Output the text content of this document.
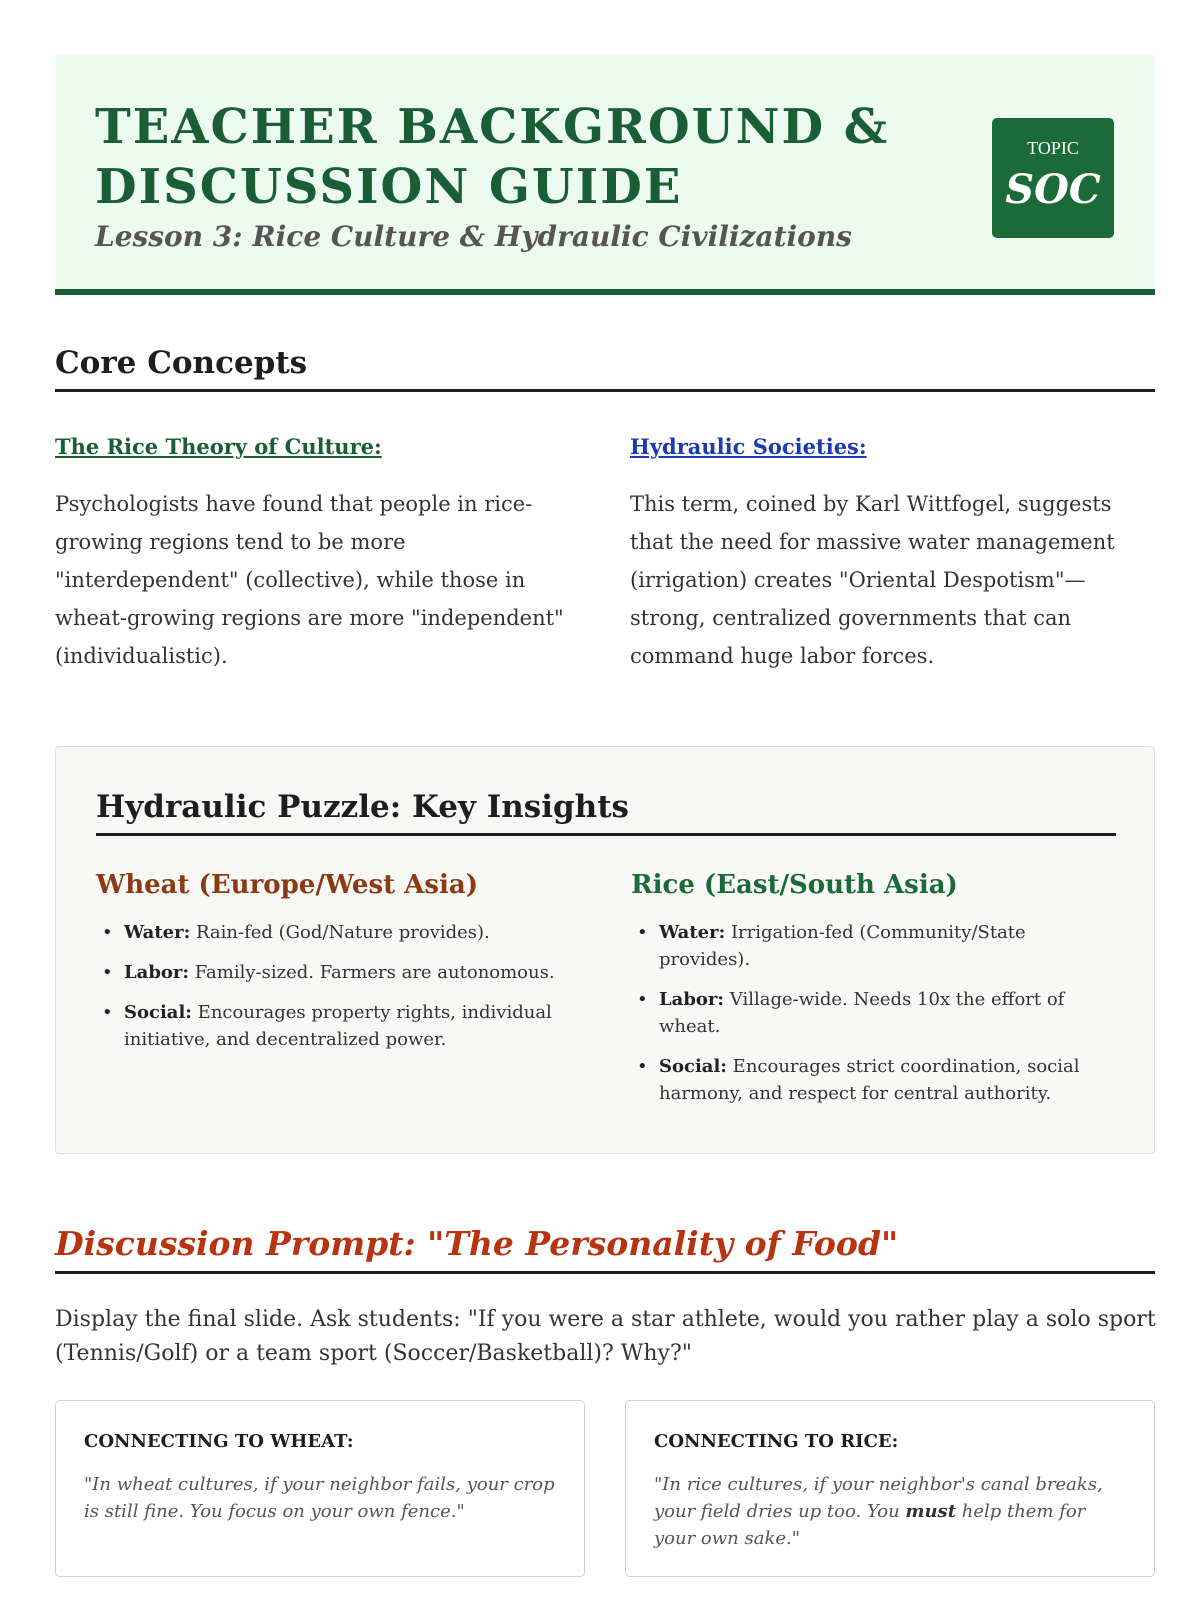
TEACHER BACKGROUND & DISCUSSION GUIDE
Lesson 3: Rice Culture & Hydraulic Civilizations
TOPIC
SOC
Core Concepts
The Rice Theory of Culture:
Psychologists have found that people in rice-growing regions tend to be more "interdependent" (collective), while those in wheat-growing regions are more "independent" (individualistic).
Hydraulic Societies:
This term, coined by Karl Wittfogel, suggests that the need for massive water management (irrigation) creates "Oriental Despotism"—strong, centralized governments that can command huge labor forces.
Hydraulic Puzzle: Key Insights
Wheat (Europe/West Asia)
• Water: Rain-fed (God/Nature provides).
• Labor: Family-sized. Farmers are autonomous.
• Social: Encourages property rights, individual initiative, and decentralized power.
Rice (East/South Asia)
• Water: Irrigation-fed (Community/State provides).
• Labor: Village-wide. Needs 10x the effort of wheat.
• Social: Encourages strict coordination, social harmony, and respect for central authority.
Discussion Prompt: "The Personality of Food"
Display the final slide. Ask students: "If you were a star athlete, would you rather play a solo sport (Tennis/Golf) or a team sport (Soccer/Basketball)? Why?"
CONNECTING TO WHEAT:
"In wheat cultures, if your neighbor fails, your crop is still fine. You focus on your own fence."
CONNECTING TO RICE:
"In rice cultures, if your neighbor's canal breaks, your field dries up too. You must help them for your own sake."
